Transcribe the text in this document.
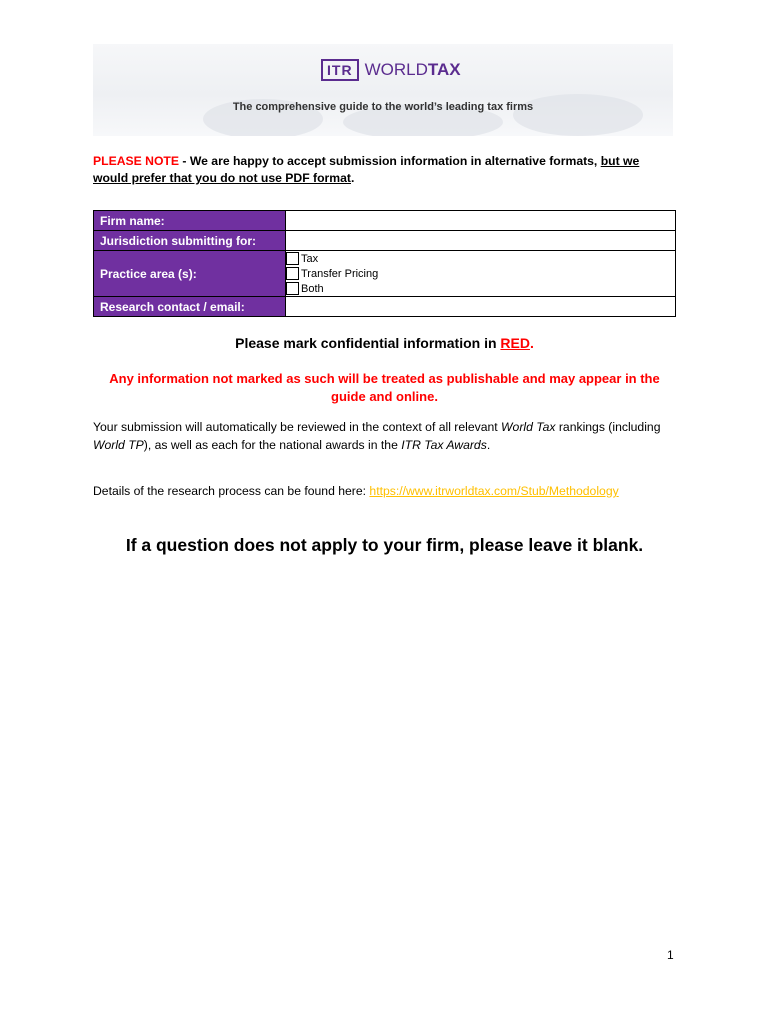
ITR WORLDTAX
The comprehensive guide to the world’s leading tax firms
PLEASE NOTE - We are happy to accept submission information in alternative formats, but we would prefer that you do not use PDF format.
Firm name:	
Jurisdiction submitting for:	
Practice area (s):	Tax
Transfer Pricing
Both

Research contact / email:	
Please mark confidential information in RED.
Any information not marked as such will be treated as publishable and may appear in the guide and online.
Your submission will automatically be reviewed in the context of all relevant World Tax rankings (including World TP), as well as each for the national awards in the ITR Tax Awards.
Details of the research process can be found here: https://www.itrworldtax.com/Stub/Methodology
If a question does not apply to your firm, please leave it blank.
1
